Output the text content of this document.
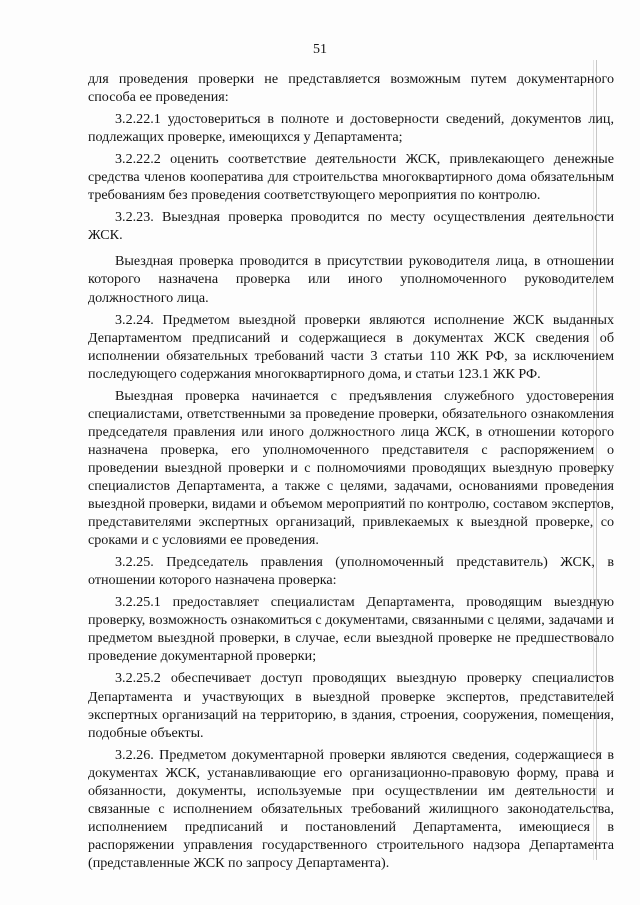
51

для проведения проверки не представляется возможным путем документарного способа ее проведения:

3.2.22.1 удостовериться в полноте и достоверности сведений, документов лиц, подлежащих проверке, имеющихся у Департамента;

3.2.22.2 оценить соответствие деятельности ЖСК, привлекающего денежные средства членов кооператива для строительства многоквартирного дома обязательным требованиям без проведения соответствующего мероприятия по контролю.

3.2.23. Выездная проверка проводится по месту осуществления деятельности ЖСК.

Выездная проверка проводится в присутствии руководителя лица, в отношении которого назначена проверка или иного уполномоченного руководителем должностного лица.

3.2.24. Предметом выездной проверки являются исполнение ЖСК выданных Департаментом предписаний и содержащиеся в документах ЖСК сведения об исполнении обязательных требований части 3 статьи 110 ЖК РФ, за исключением последующего содержания многоквартирного дома, и статьи 123.1 ЖК РФ.

Выездная проверка начинается с предъявления служебного удостоверения специалистами, ответственными за проведение проверки, обязательного ознакомления председателя правления или иного должностного лица ЖСК, в отношении которого назначена проверка, его уполномоченного представителя с распоряжением о проведении выездной проверки и с полномочиями проводящих выездную проверку специалистов Департамента, а также с целями, задачами, основаниями проведения выездной проверки, видами и объемом мероприятий по контролю, составом экспертов, представителями экспертных организаций, привлекаемых к выездной проверке, со сроками и с условиями ее проведения.

3.2.25. Председатель правления (уполномоченный представитель) ЖСК, в отношении которого назначена проверка:

3.2.25.1 предоставляет специалистам Департамента, проводящим выездную проверку, возможность ознакомиться с документами, связанными с целями, задачами и предметом выездной проверки, в случае, если выездной проверке не предшествовало проведение документарной проверки;

3.2.25.2 обеспечивает доступ проводящих выездную проверку специалистов Департамента и участвующих в выездной проверке экспертов, представителей экспертных организаций на территорию, в здания, строения, сооружения, помещения, подобные объекты.

3.2.26. Предметом документарной проверки являются сведения, содержащиеся в документах ЖСК, устанавливающие его организационно-правовую форму, права и обязанности, документы, используемые при осуществлении им деятельности и связанные с исполнением обязательных требований жилищного законодательства, исполнением предписаний и постановлений Департамента, имеющиеся в распоряжении управления государственного строительного надзора Департамента (представленные ЖСК по запросу Департамента).
